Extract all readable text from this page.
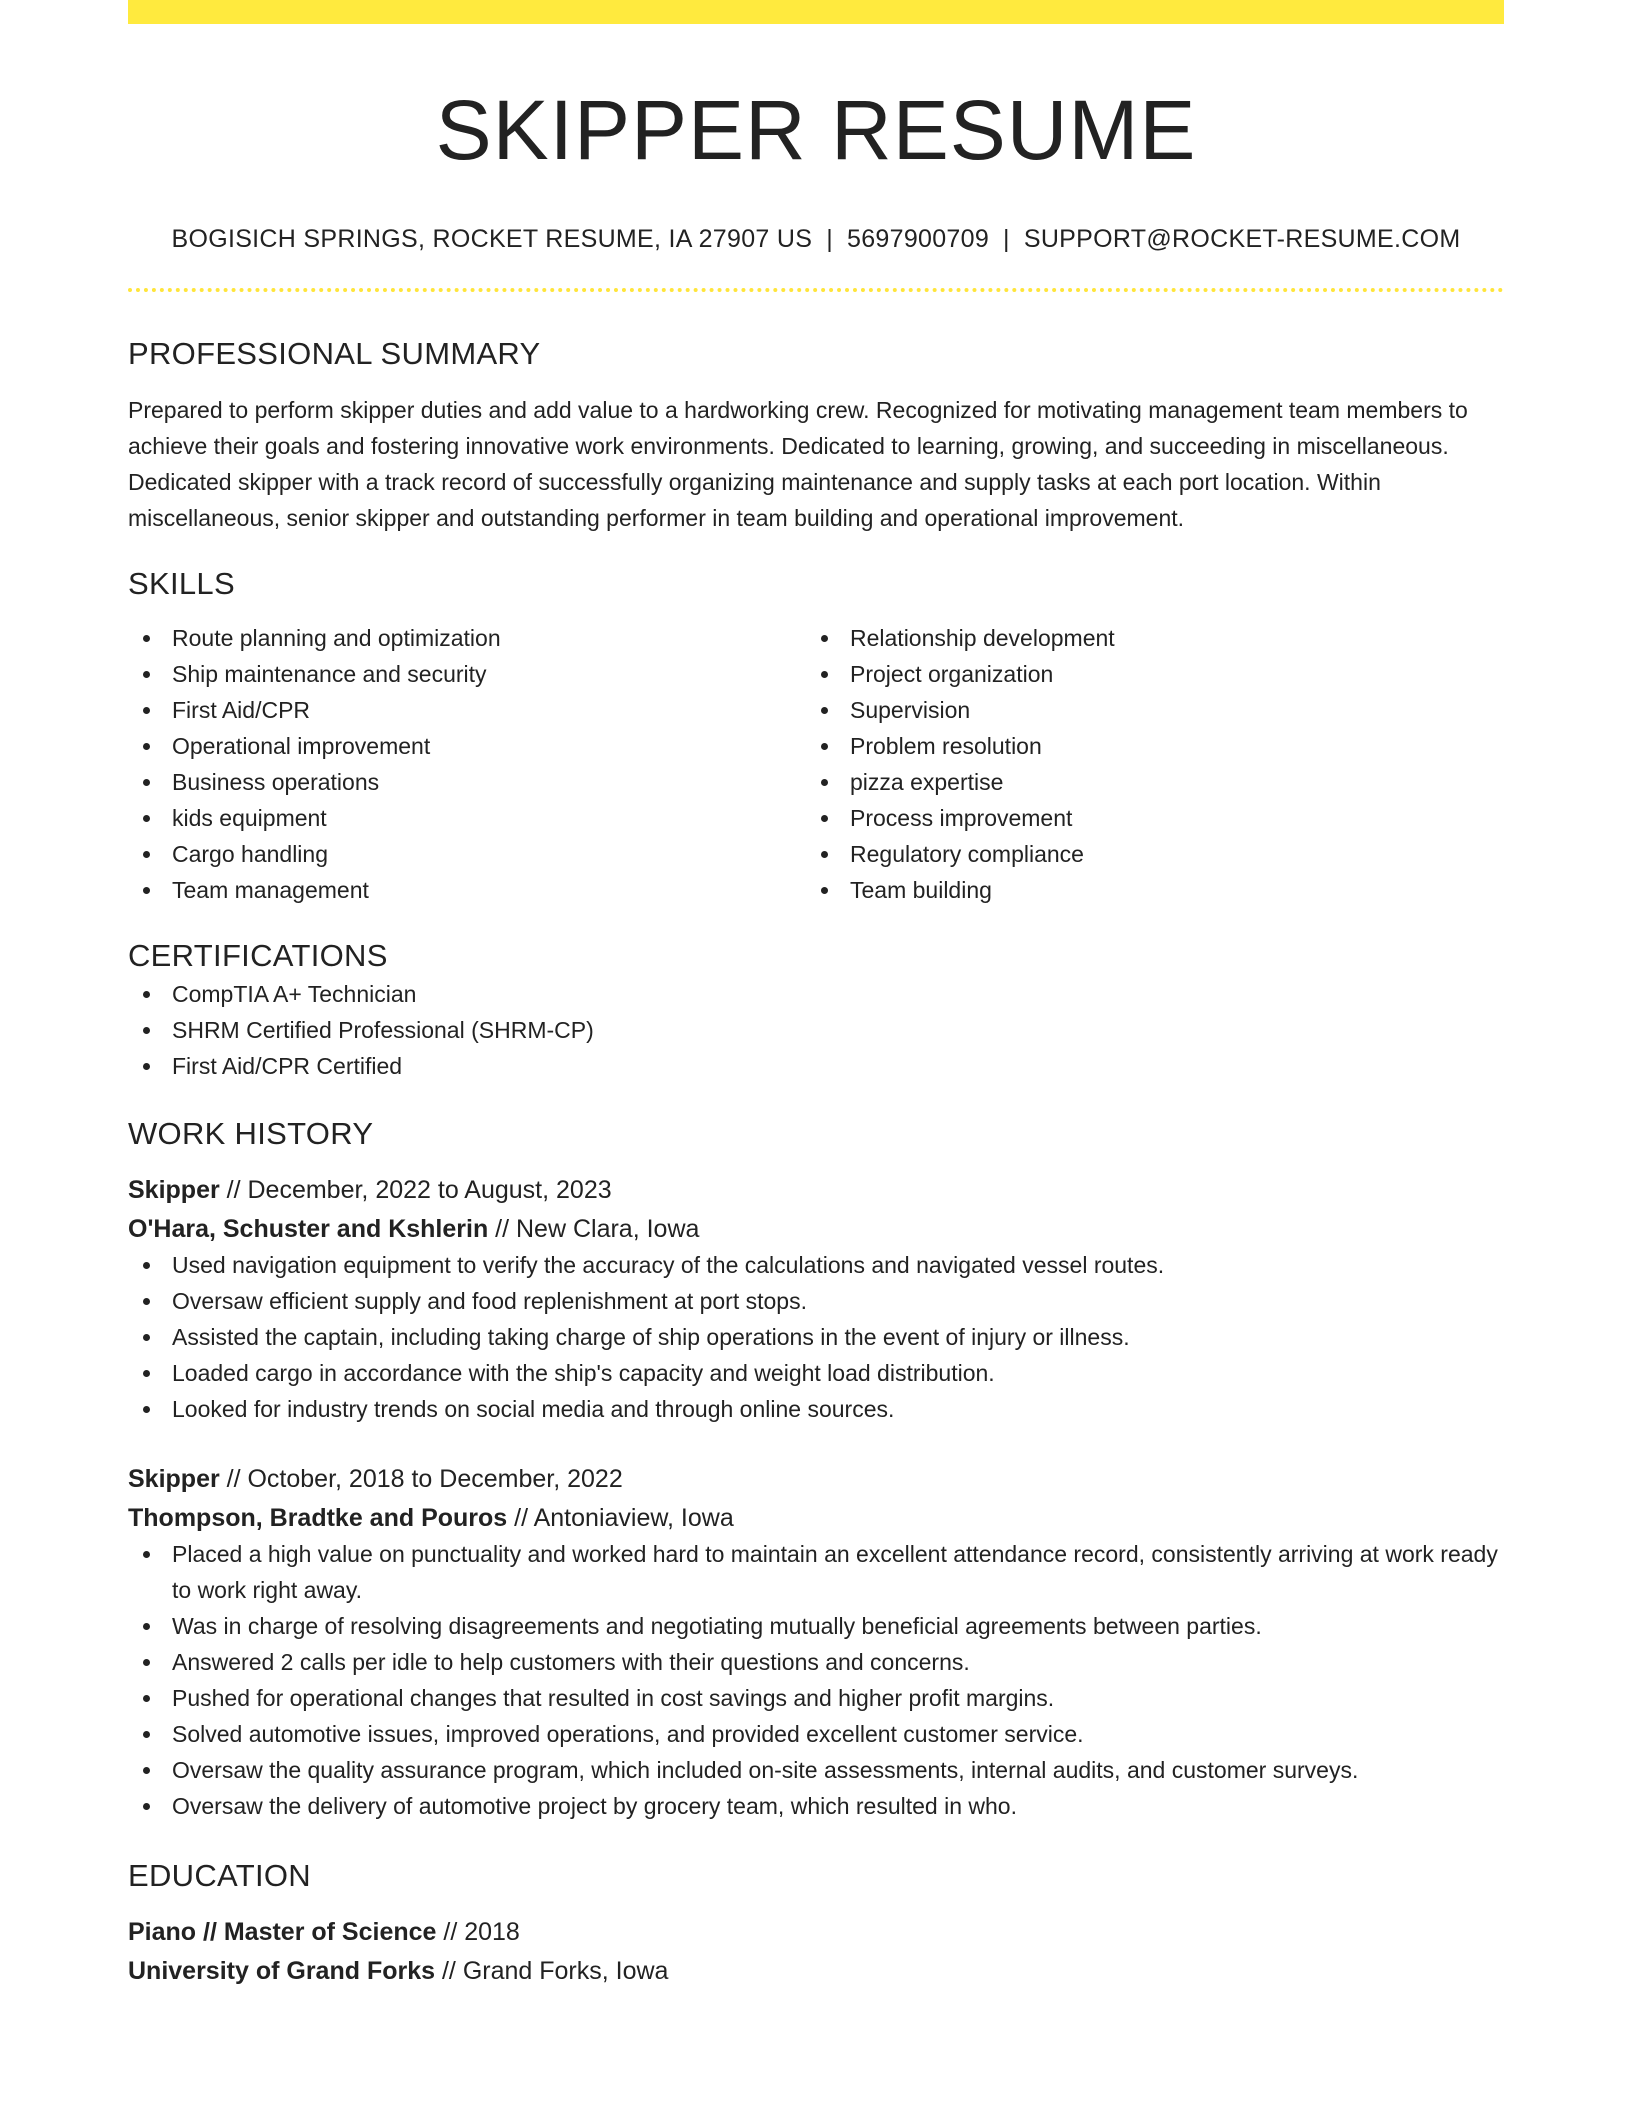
SKIPPER RESUME
BOGISICH SPRINGS, ROCKET RESUME, IA 27907 US | 5697900709 | SUPPORT@ROCKET-RESUME.COM
PROFESSIONAL SUMMARY

Prepared to perform skipper duties and add value to a hardworking crew. Recognized for motivating management team members to achieve their goals and fostering innovative work environments. Dedicated to learning, growing, and succeeding in miscellaneous. Dedicated skipper with a track record of successfully organizing maintenance and supply tasks at each port location. Within miscellaneous, senior skipper and outstanding performer in team building and operational improvement.

SKILLS
Route planning and optimization
Ship maintenance and security
First Aid/CPR
Operational improvement
Business operations
kids equipment
Cargo handling
Team management
Relationship development
Project organization
Supervision
Problem resolution
pizza expertise
Process improvement
Regulatory compliance
Team building
CERTIFICATIONS
CompTIA A+ Technician
SHRM Certified Professional (SHRM-CP)
First Aid/CPR Certified
WORK HISTORY
Skipper // December, 2022 to August, 2023
O'Hara, Schuster and Kshlerin // New Clara, Iowa
Used navigation equipment to verify the accuracy of the calculations and navigated vessel routes.
Oversaw efficient supply and food replenishment at port stops.
Assisted the captain, including taking charge of ship operations in the event of injury or illness.
Loaded cargo in accordance with the ship's capacity and weight load distribution.
Looked for industry trends on social media and through online sources.
Skipper // October, 2018 to December, 2022
Thompson, Bradtke and Pouros // Antoniaview, Iowa
Placed a high value on punctuality and worked hard to maintain an excellent attendance record, consistently arriving at work ready to work right away.
Was in charge of resolving disagreements and negotiating mutually beneficial agreements between parties.
Answered 2 calls per idle to help customers with their questions and concerns.
Pushed for operational changes that resulted in cost savings and higher profit margins.
Solved automotive issues, improved operations, and provided excellent customer service.
Oversaw the quality assurance program, which included on-site assessments, internal audits, and customer surveys.
Oversaw the delivery of automotive project by grocery team, which resulted in who.
EDUCATION
Piano // Master of Science // 2018
University of Grand Forks // Grand Forks, Iowa
